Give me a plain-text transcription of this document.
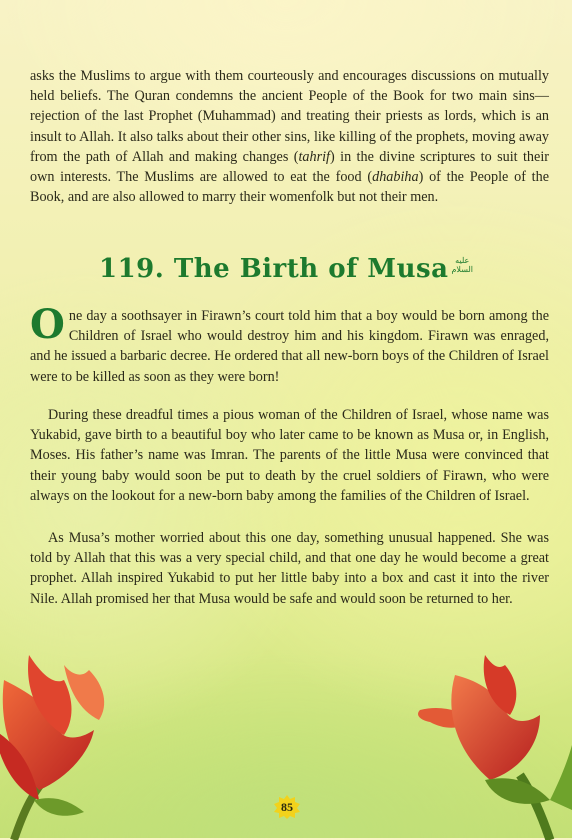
asks the Muslims to argue with them courteously and encourages discussions on mutually held beliefs. The Quran condemns the ancient People of the Book for two main sins—rejection of the last Prophet (Muhammad) and treating their priests as lords, which is an insult to Allah. It also talks about their other sins, like killing of the prophets, moving away from the path of Allah and making changes (tahrif) in the divine scriptures to suit their own interests. The Muslims are allowed to eat the food (dhabiha) of the People of the Book, and are also allowed to marry their womenfolk but not their men.

119. The Birth of Musa عليه
السلام

One day a soothsayer in Firawn’s court told him that a boy would be born among the Children of Israel who would destroy him and his kingdom. Firawn was enraged, and he issued a barbaric decree. He ordered that all new-born boys of the Children of Israel were to be killed as soon as they were born!

During these dreadful times a pious woman of the Children of Israel, whose name was Yukabid, gave birth to a beautiful boy who later came to be known as Musa or, in English, Moses. His father’s name was Imran. The parents of the little Musa were convinced that their young baby would soon be put to death by the cruel soldiers of Firawn, who were always on the lookout for a new-born baby among the families of the Children of Israel.

As Musa’s mother worried about this one day, something unusual happened. She was told by Allah that this was a very special child, and that one day he would become a great prophet. Allah inspired Yukabid to put her little baby into a box and cast it into the river Nile. Allah promised her that Musa would be safe and would soon be returned to her.

85
